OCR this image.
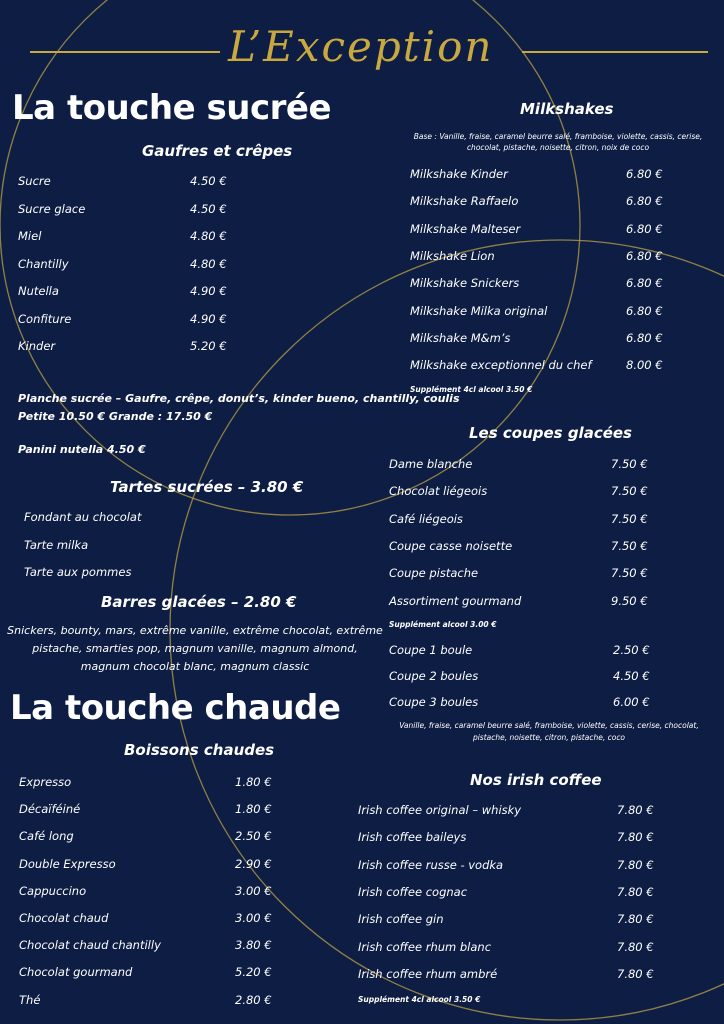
L’Exception
La touche sucrée
Gaufres et crêpes
Sucre	4.50 €
Sucre glace	4.50 €
Miel	4.80 €
Chantilly	4.80 €
Nutella	4.90 €
Confiture	4.90 €
Kinder	5.20 €
Planche sucrée – Gaufre, crêpe, donut’s, kinder bueno, chantilly, coulis
Petite 10.50 € Grande : 17.50 €
Panini nutella 4.50 €
Tartes sucrées – 3.80 €
Fondant au chocolat
Tarte milka
Tarte aux pommes
Barres glacées – 2.80 €
Snickers, bounty, mars, extrême vanille, extrême chocolat, extrême
pistache, smarties pop, magnum vanille, magnum almond,
magnum chocolat blanc, magnum classic
La touche chaude
Boissons chaudes
Expresso	1.80 €
Décaïféiné	1.80 €
Café long	2.50 €
Double Expresso	2.90 €
Cappuccino	3.00 €
Chocolat chaud	3.00 €
Chocolat chaud chantilly	3.80 €
Chocolat gourmand	5.20 €
Thé	2.80 €
Milkshakes
Base : Vanille, fraise, caramel beurre salé, framboise, violette, cassis, cerise,
chocolat, pistache, noisette, citron, noix de coco
Milkshake Kinder	6.80 €
Milkshake Raffaelo	6.80 €
Milkshake Malteser	6.80 €
Milkshake Lion	6.80 €
Milkshake Snickers	6.80 €
Milkshake Milka original	6.80 €
Milkshake M&m’s	6.80 €
Milkshake exceptionnel du chef	8.00 €
Supplément 4cl alcool 3.50 €
Les coupes glacées
Dame blanche	7.50 €
Chocolat liégeois	7.50 €
Café liégeois	7.50 €
Coupe casse noisette	7.50 €
Coupe pistache	7.50 €
Assortiment gourmand	9.50 €
Supplément alcool 3.00 €
Coupe 1 boule	2.50 €
Coupe 2 boules	4.50 €
Coupe 3 boules	6.00 €
Vanille, fraise, caramel beurre salé, framboise, violette, cassis, cerise, chocolat,
pistache, noisette, citron, pistache, coco
Nos irish coffee
Irish coffee original – whisky	7.80 €
Irish coffee baileys	7.80 €
Irish coffee russe - vodka	7.80 €
Irish coffee cognac	7.80 €
Irish coffee gin	7.80 €
Irish coffee rhum blanc	7.80 €
Irish coffee rhum ambré	7.80 €
Supplément 4cl alcool 3.50 €
